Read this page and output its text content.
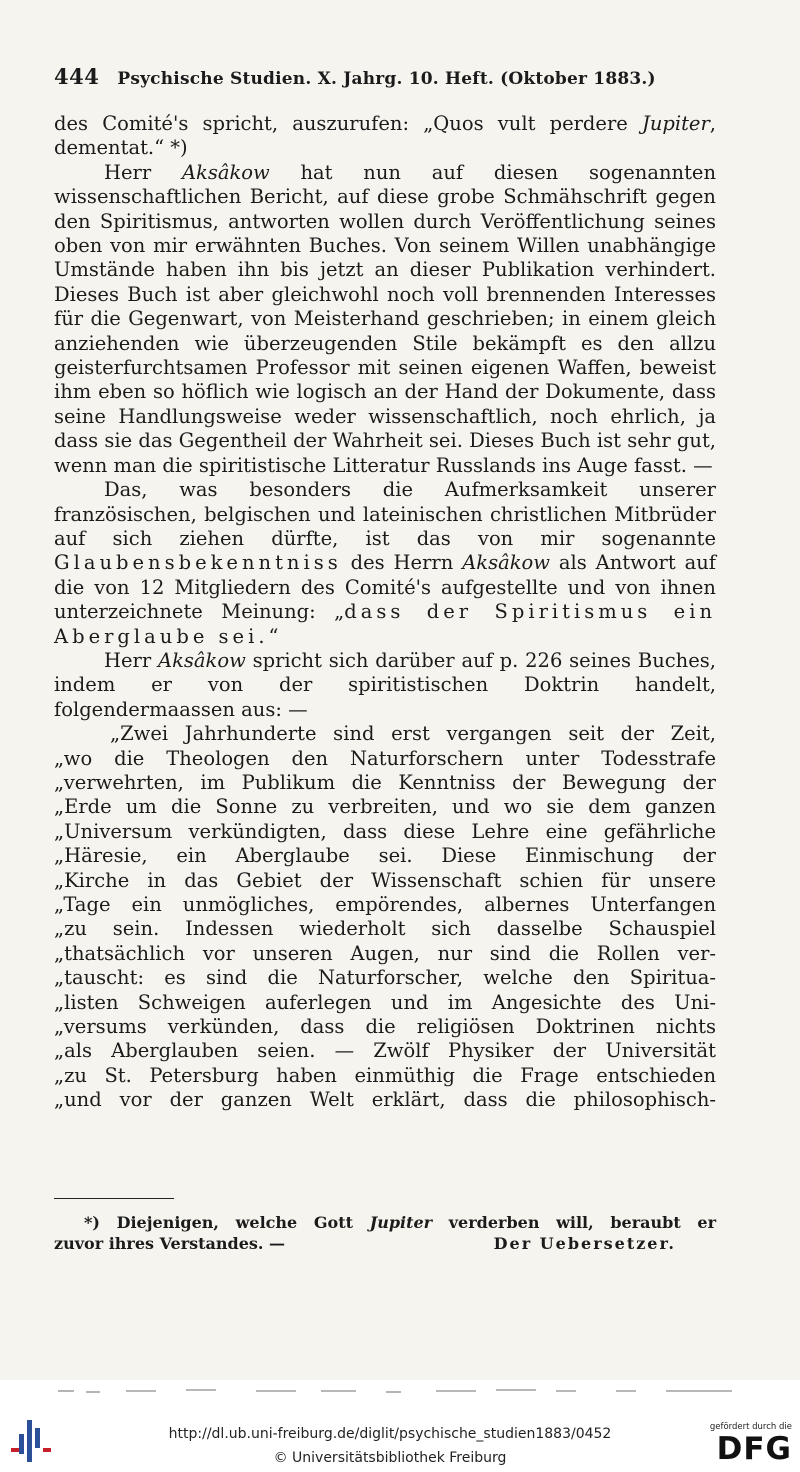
444 Psychische Studien. X. Jahrg. 10. Heft. (Oktober 1883.)

des Comité's spricht, auszurufen: „Quos vult perdere Jupiter, dementat.“ *)

Herr Aksâkow hat nun auf diesen sogenannten wissenschaftlichen Bericht, auf diese grobe Schmähschrift gegen den Spiritismus, antworten wollen durch Veröffentlichung seines oben von mir erwähnten Buches. Von seinem Willen unabhängige Umstände haben ihn bis jetzt an dieser Publikation verhindert. Dieses Buch ist aber gleichwohl noch voll brennenden Interesses für die Gegenwart, von Meisterhand geschrieben; in einem gleich anziehenden wie überzeugenden Stile bekämpft es den allzu geisterfurchtsamen Professor mit seinen eigenen Waffen, beweist ihm eben so höflich wie logisch an der Hand der Dokumente, dass seine Handlungsweise weder wissenschaftlich, noch ehrlich, ja dass sie das Gegentheil der Wahrheit sei. Dieses Buch ist sehr gut, wenn man die spiritistische Litteratur Russlands ins Auge fasst. —

Das, was besonders die Aufmerksamkeit unserer französischen, belgischen und lateinischen christlichen Mitbrüder auf sich ziehen dürfte, ist das von mir sogenannte Glaubensbekenntniss des Herrn Aksâkow als Antwort auf die von 12 Mitgliedern des Comité's aufgestellte und von ihnen unterzeichnete Meinung: „dass der Spiritismus ein Aberglaube sei.“

Herr Aksâkow spricht sich darüber auf p. 226 seines Buches, indem er von der spiritistischen Doktrin handelt, folgendermaassen aus: —

„Zwei Jahrhunderte sind erst vergangen seit der Zeit,
„wo die Theologen den Naturforschern unter Todesstrafe
„verwehrten, im Publikum die Kenntniss der Bewegung der
„Erde um die Sonne zu verbreiten, und wo sie dem ganzen
„Universum verkündigten, dass diese Lehre eine gefährliche
„Häresie, ein Aberglaube sei. Diese Einmischung der
„Kirche in das Gebiet der Wissenschaft schien für unsere
„Tage ein unmögliches, empörendes, albernes Unterfangen
„zu sein. Indessen wiederholt sich dasselbe Schauspiel
„thatsächlich vor unseren Augen, nur sind die Rollen ver-
„tauscht: es sind die Naturforscher, welche den Spiritua-
„listen Schweigen auferlegen und im Angesichte des Uni-
„versums verkünden, dass die religiösen Doktrinen nichts
„als Aberglauben seien. — Zwölf Physiker der Universität
„zu St. Petersburg haben einmüthig die Frage entschieden
„und vor der ganzen Welt erklärt, dass die philosophisch-

*) Diejenigen, welche Gott Jupiter verderben will, beraubt er
zuvor ihres Verstandes. —	Der Uebersetzer.
http://dl.ub.uni-freiburg.de/diglit/psychische_studien1883/0452
© Universitätsbibliothek Freiburg
gefördert durch die
DFG
